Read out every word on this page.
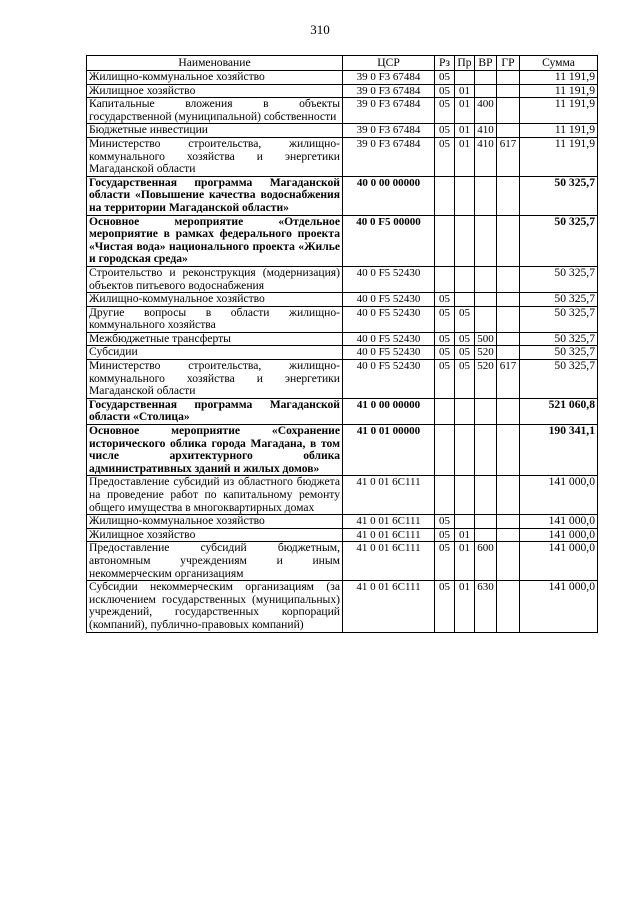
310
Наименование	ЦСР	Рз	Пр	ВР	ГР	Сумма
Жилищно-коммунальное хозяйство	39 0 F3 67484	05				11 191,9
Жилищное хозяйство	39 0 F3 67484	05	01			11 191,9
Капитальные вложения в объекты государственной (муниципальной) собственности	39 0 F3 67484	05	01	400		11 191,9
Бюджетные инвестиции	39 0 F3 67484	05	01	410		11 191,9
Министерство строительства, жилищно-коммунального хозяйства и энергетики Магаданской области	39 0 F3 67484	05	01	410	617	11 191,9
Государственная программа Магаданской области «Повышение качества водоснабжения на территории Магаданской области»	40 0 00 00000					50 325,7
Основное мероприятие «Отдельное мероприятие в рамках федерального проекта «Чистая вода» национального проекта «Жилье и городская среда»	40 0 F5 00000					50 325,7
Строительство и реконструкция (модернизация) объектов питьевого водоснабжения	40 0 F5 52430					50 325,7
Жилищно-коммунальное хозяйство	40 0 F5 52430	05				50 325,7
Другие вопросы в области жилищно-коммунального хозяйства	40 0 F5 52430	05	05			50 325,7
Межбюджетные трансферты	40 0 F5 52430	05	05	500		50 325,7
Субсидии	40 0 F5 52430	05	05	520		50 325,7
Министерство строительства, жилищно-коммунального хозяйства и энергетики Магаданской области	40 0 F5 52430	05	05	520	617	50 325,7
Государственная программа Магаданской области «Столица»	41 0 00 00000					521 060,8
Основное мероприятие «Сохранение исторического облика города Магадана, в том числе архитектурного облика административных зданий и жилых домов»	41 0 01 00000					190 341,1
Предоставление субсидий из областного бюджета на проведение работ по капитальному ремонту общего имущества в многоквартирных домах	41 0 01 6С111					141 000,0
Жилищно-коммунальное хозяйство	41 0 01 6С111	05				141 000,0
Жилищное хозяйство	41 0 01 6С111	05	01			141 000,0
Предоставление субсидий бюджетным, автономным учреждениям и иным некоммерческим организациям	41 0 01 6С111	05	01	600		141 000,0
Субсидии некоммерческим организациям (за исключением государственных (муниципальных) учреждений, государственных корпораций (компаний), публично-правовых компаний)	41 0 01 6С111	05	01	630		141 000,0
